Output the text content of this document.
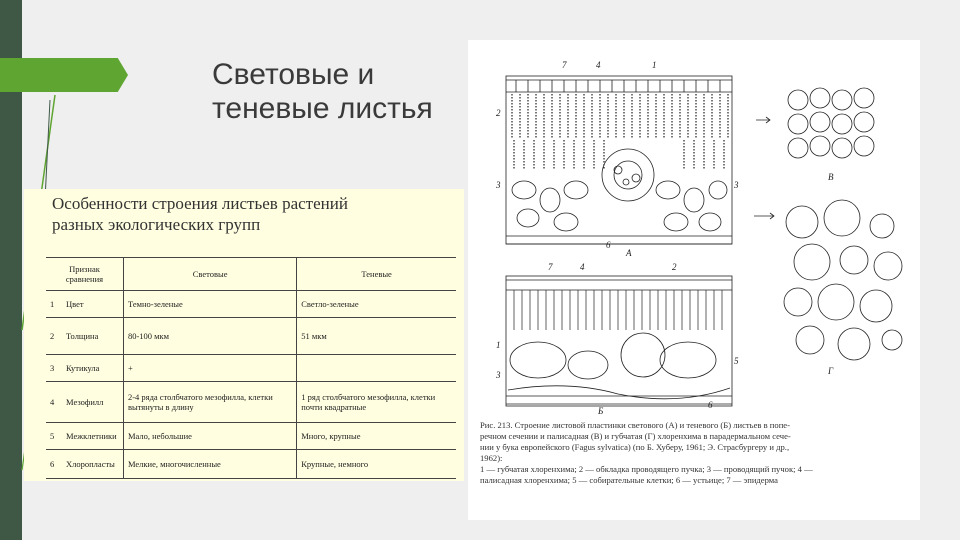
Световые и
теневые листья
Особенности строения листьев растений
разных экологических групп
Признак сравнения		Световые	Теневые
1	Цвет	Темно-зеленые	Светло-зеленые
2	Толщина	80-100 мкм	51 мкм
3	Кутикула	+	
4	Мезофилл	2-4 ряда столбчатого мезофилла, клетки вытянуты в длину	1 ряд столбчатого мезофилла, клетки почти квадратные
5	Межклетники	Мало, небольшие	Много, крупные
6	Хлоропласты	Мелкие, многочисленные	Крупные, немного
7	4	1
2
3	3
6
А
7	4	2
1
3
5
6
Б
В
Г
Рис. 213. Строение листовой пластинки светового (А) и теневого (Б) листьев в попе-
речном сечении и палисадная (В) и губчатая (Г) хлоренхима в парадермальном сече-
нии у бука европейского (Fagus sylvatica) (по Б. Хуберу, 1961; Э. Страсбургеру и др.,
1962):
1 — губчатая хлоренхима; 2 — обкладка проводящего пучка; 3 — проводящий пучок; 4 —
палисадная хлоренхима; 5 — собирательные клетки; 6 — устьице; 7 — эпидерма
